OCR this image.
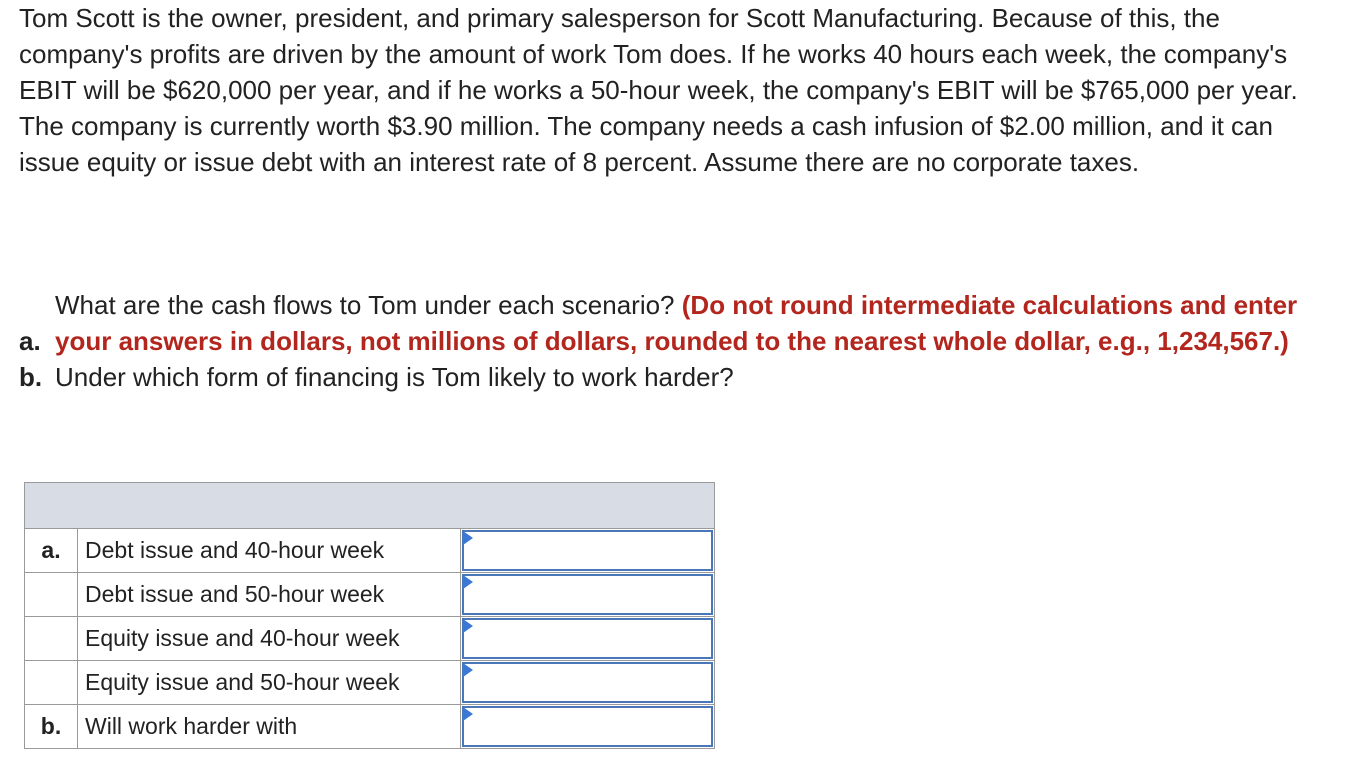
Tom Scott is the owner, president, and primary salesperson for Scott Manufacturing. Because of this, the company's profits are driven by the amount of work Tom does. If he works 40 hours each week, the company's EBIT will be $620,000 per year, and if he works a 50-hour week, the company's EBIT will be $765,000 per year. The company is currently worth $3.90 million. The company needs a cash infusion of $2.00 million, and it can issue equity or issue debt with an interest rate of 8 percent. Assume there are no corporate taxes.

a.
What are the cash flows to Tom under each scenario? (Do not round intermediate calculations and enter your answers in dollars, not millions of dollars, rounded to the nearest whole dollar, e.g., 1,234,567.)
b. Under which form of financing is Tom likely to work harder?

a.	Debt issue and 40-hour week	

	Debt issue and 50-hour week	

	Equity issue and 40-hour week	

	Equity issue and 50-hour week	

b.	Will work harder with	
